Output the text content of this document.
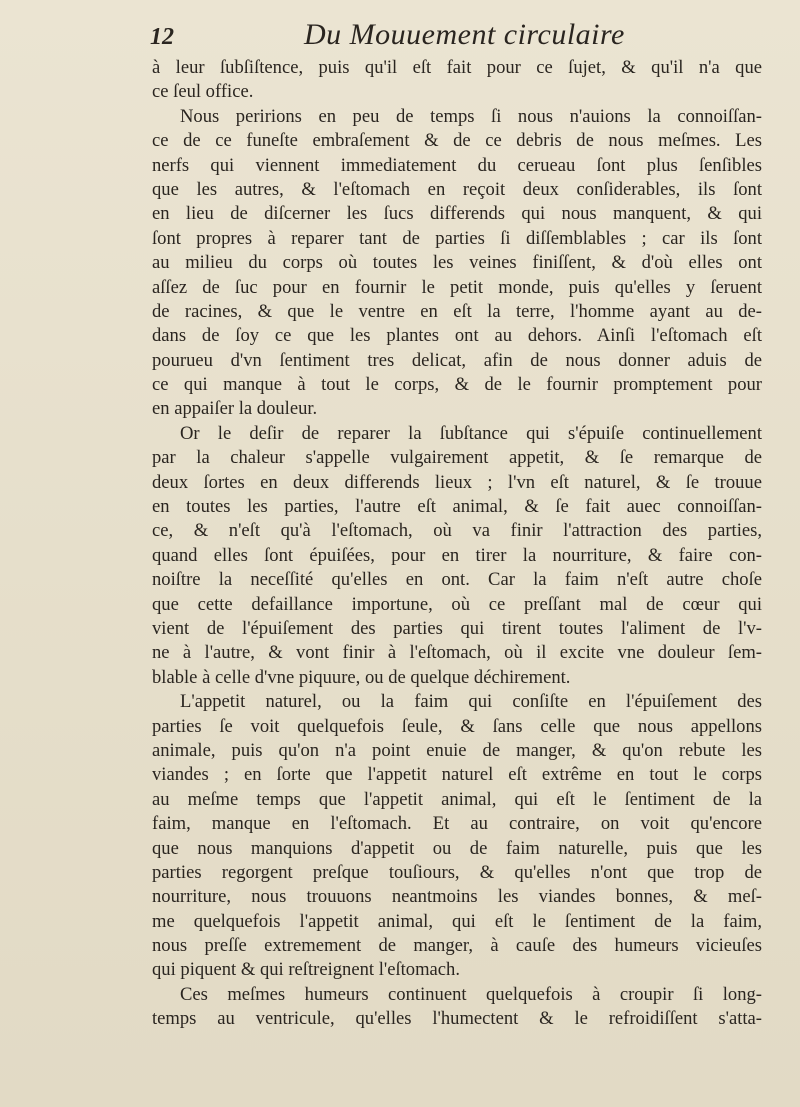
12	Du Mouuement circulaire
à leur ſubſiſtence, puis qu'il eſt fait pour ce ſujet, & qu'il n'a que
ce ſeul office.
Nous peririons en peu de temps ſi nous n'auions la connoiſſan-
ce de ce funeſte embraſement & de ce debris de nous meſmes. Les
nerfs qui viennent immediatement du cerueau ſont plus ſenſibles
que les autres, & l'eſtomach en reçoit deux conſiderables, ils ſont
en lieu de diſcerner les ſucs differends qui nous manquent, & qui
ſont propres à reparer tant de parties ſi diſſemblables ; car ils ſont
au milieu du corps où toutes les veines finiſſent, & d'où elles ont
aſſez de ſuc pour en fournir le petit monde, puis qu'elles y ſeruent
de racines, & que le ventre en eſt la terre, l'homme ayant au de-
dans de ſoy ce que les plantes ont au dehors. Ainſi l'eſtomach eſt
pourueu d'vn ſentiment tres delicat, afin de nous donner aduis de
ce qui manque à tout le corps, & de le fournir promptement pour
en appaiſer la douleur.
Or le deſir de reparer la ſubſtance qui s'épuiſe continuellement
par la chaleur s'appelle vulgairement appetit, & ſe remarque de
deux ſortes en deux differends lieux ; l'vn eſt naturel, & ſe trouue
en toutes les parties, l'autre eſt animal, & ſe fait auec connoiſſan-
ce, & n'eſt qu'à l'eſtomach, où va finir l'attraction des parties,
quand elles ſont épuiſées, pour en tirer la nourriture, & faire con-
noiſtre la neceſſité qu'elles en ont. Car la faim n'eſt autre choſe
que cette defaillance importune, où ce preſſant mal de cœur qui
vient de l'épuiſement des parties qui tirent toutes l'aliment de l'v-
ne à l'autre, & vont finir à l'eſtomach, où il excite vne douleur ſem-
blable à celle d'vne piquure, ou de quelque déchirement.
L'appetit naturel, ou la faim qui conſiſte en l'épuiſement des
parties ſe voit quelquefois ſeule, & ſans celle que nous appellons
animale, puis qu'on n'a point enuie de manger, & qu'on rebute les
viandes ; en ſorte que l'appetit naturel eſt extrême en tout le corps
au meſme temps que l'appetit animal, qui eſt le ſentiment de la
faim, manque en l'eſtomach. Et au contraire, on voit qu'encore
que nous manquions d'appetit ou de faim naturelle, puis que les
parties regorgent preſque touſiours, & qu'elles n'ont que trop de
nourriture, nous trouuons neantmoins les viandes bonnes, & meſ-
me quelquefois l'appetit animal, qui eſt le ſentiment de la faim,
nous preſſe extremement de manger, à cauſe des humeurs vicieuſes
qui piquent & qui reſtreignent l'eſtomach.
Ces meſmes humeurs continuent quelquefois à croupir ſi long-
temps au ventricule, qu'elles l'humectent & le refroidiſſent s'atta-
